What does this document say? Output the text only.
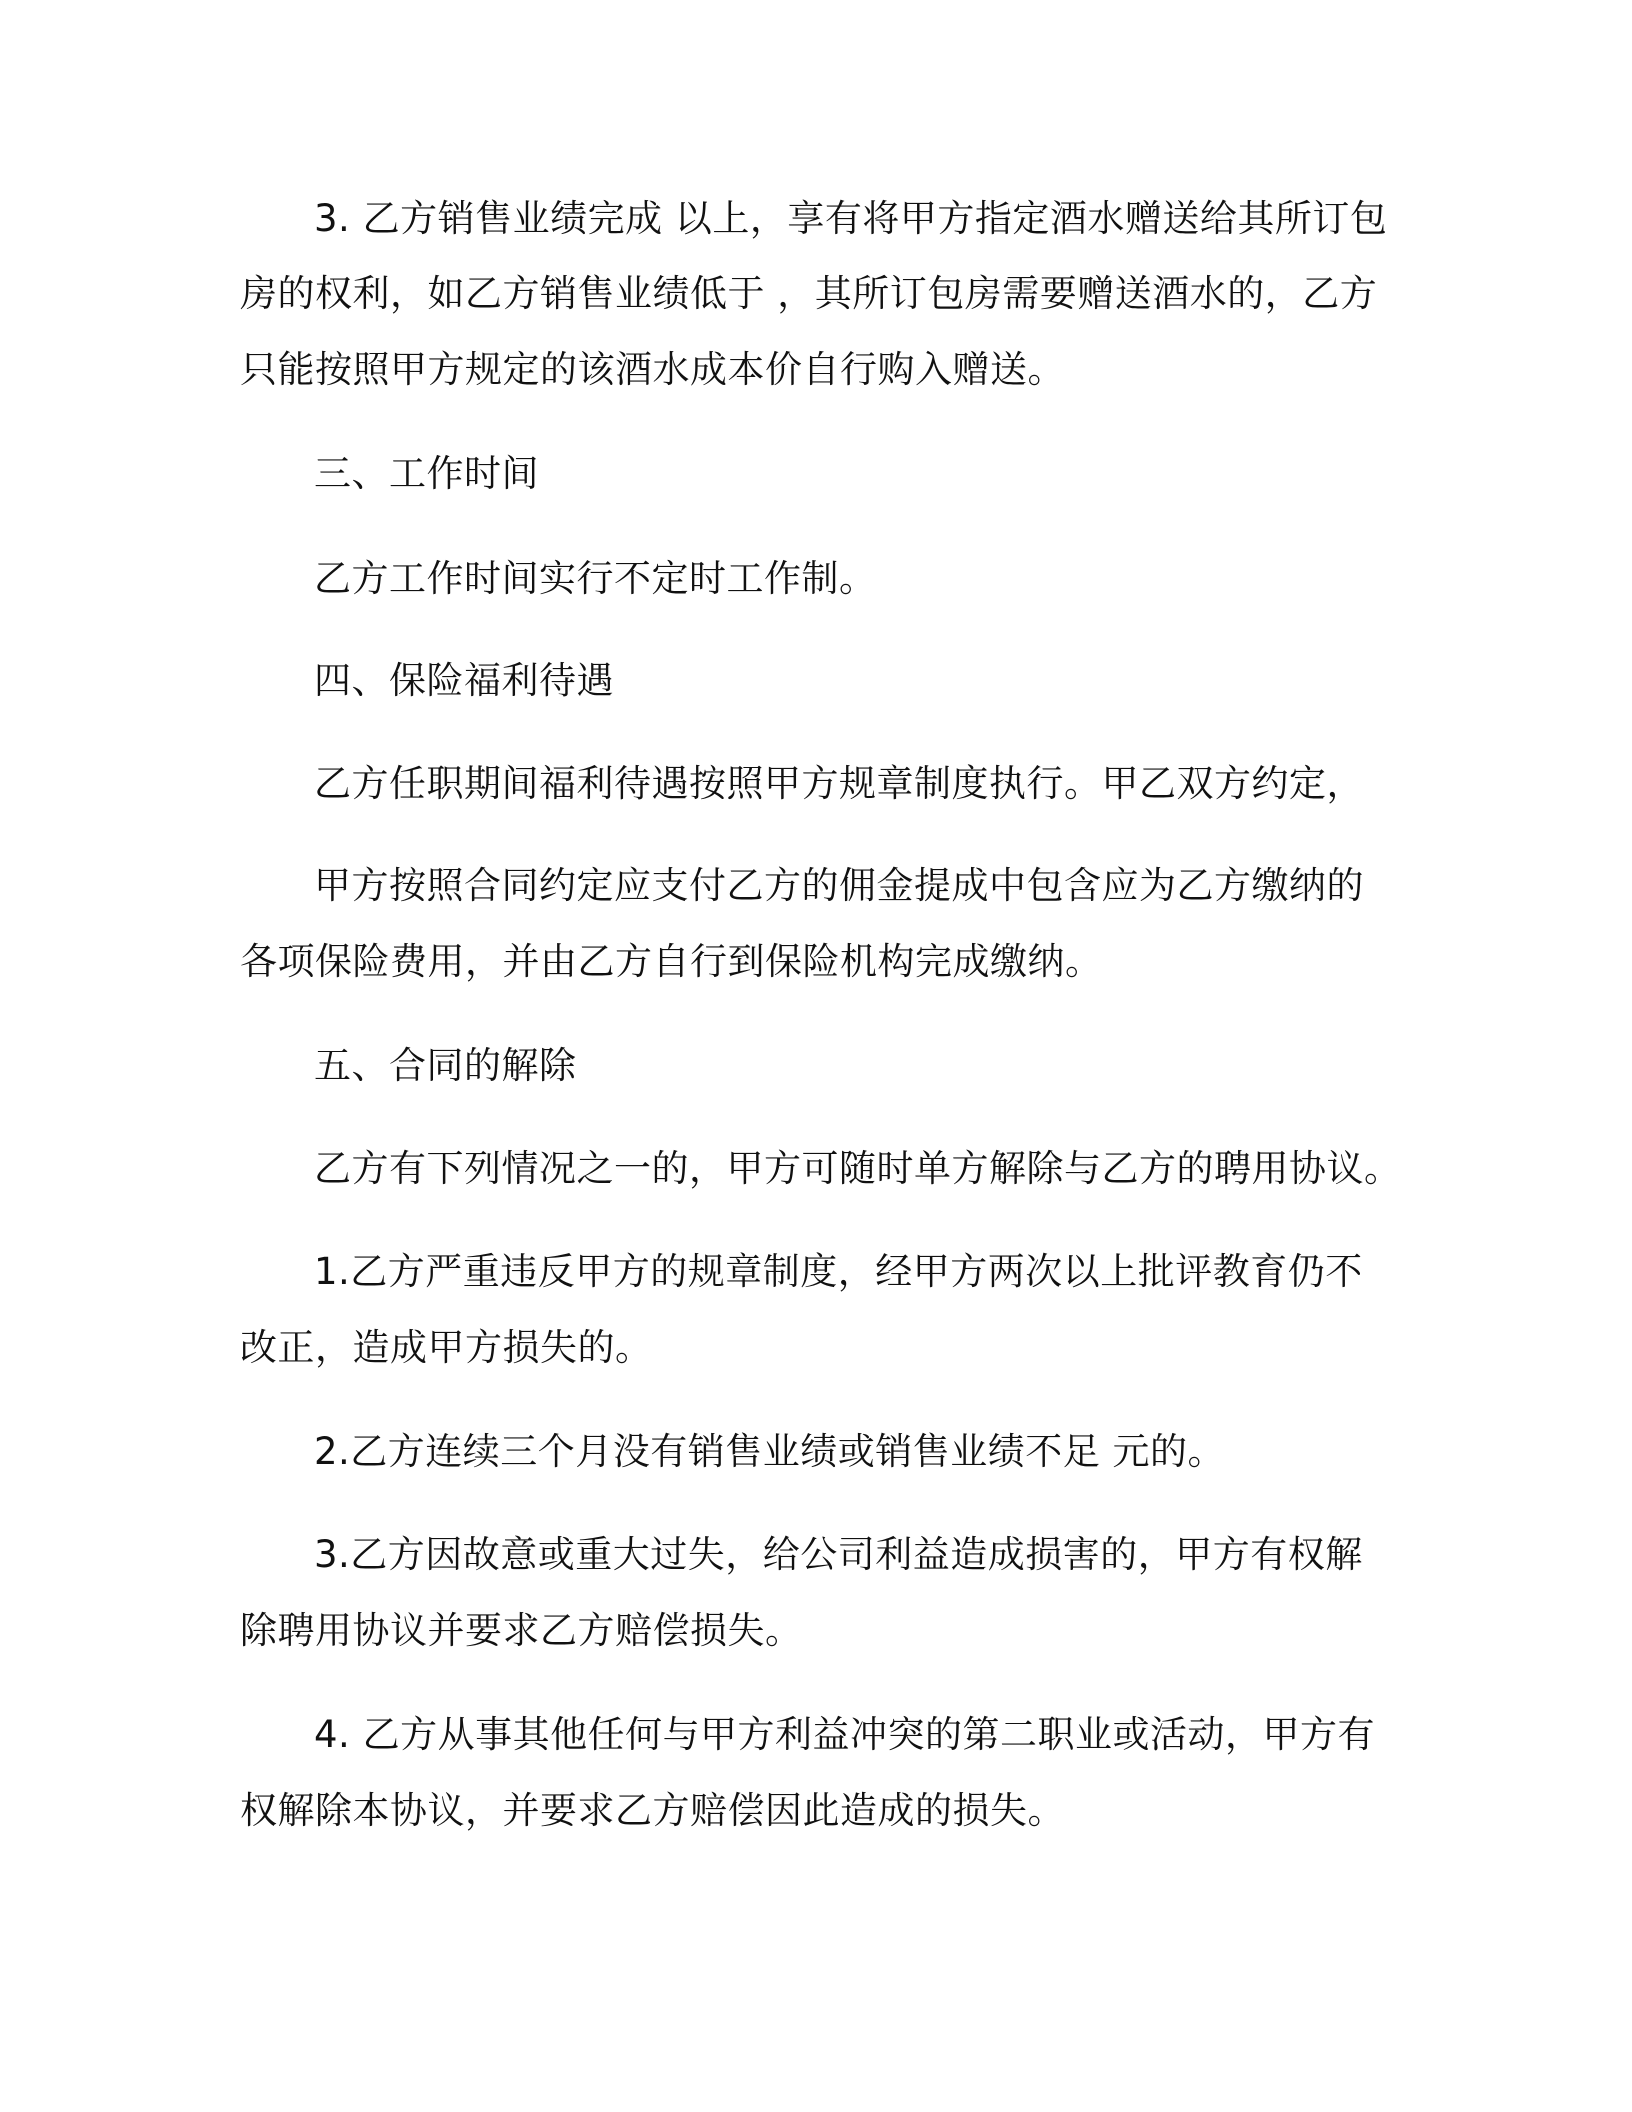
3. 乙方销售业绩完成 以上，享有将甲方指定酒水赠送给其所订包
房的权利，如乙方销售业绩低于 ，其所订包房需要赠送酒水的，乙方
只能按照甲方规定的该酒水成本价自行购入赠送。
三、工作时间
乙方工作时间实行不定时工作制。
四、保险福利待遇
乙方任职期间福利待遇按照甲方规章制度执行。甲乙双方约定，
甲方按照合同约定应支付乙方的佣金提成中包含应为乙方缴纳的
各项保险费用，并由乙方自行到保险机构完成缴纳。
五、合同的解除
乙方有下列情况之一的，甲方可随时单方解除与乙方的聘用协议。
1.乙方严重违反甲方的规章制度，经甲方两次以上批评教育仍不
改正，造成甲方损失的。
2.乙方连续三个月没有销售业绩或销售业绩不足 元的。
3.乙方因故意或重大过失，给公司利益造成损害的，甲方有权解
除聘用协议并要求乙方赔偿损失。
4. 乙方从事其他任何与甲方利益冲突的第二职业或活动，甲方有
权解除本协议，并要求乙方赔偿因此造成的损失。
